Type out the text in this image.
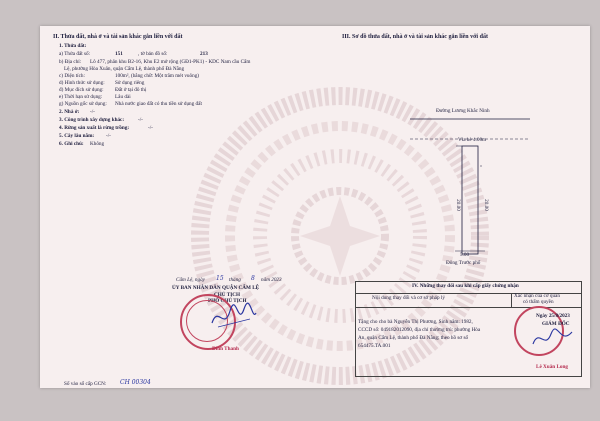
II. Thửa đất, nhà ở và tài sản khác gắn liền với đất
1. Thửa đất:
a) Thửa đất số:	151	, tờ bản đồ số:	213
b) Địa chỉ: Lô 477, phân khu B2-16, Khu E2 mở rộng (GĐ1-PK1) - KDC Nam cầu Cẩm
Lệ, phường Hòa Xuân, quận Cẩm Lệ, thành phố Đà Nẵng
c) Diện tích:	100m², (bằng chữ: Một trăm mét vuông)
d) Hình thức sử dụng: Sử dụng riêng
đ) Mục đích sử dụng: Đất ở tại đô thị
e) Thời hạn sử dụng: Lâu dài
g) Nguồn gốc sử dụng: Nhà nước giao đất có thu tiền sử dụng đất
2. Nhà ở: -/-
3. Công trình xây dựng khác:	-/-
4. Rừng sản xuất là rừng trồng:	-/-
5. Cây lâu năm: -/-
6. Ghi chú: Không
Cẩm Lệ, ngày 15 tháng 8 năm 2023
ỦY BAN NHÂN DÂN QUẬN CẨM LỆ
CHỦ TỊCH
PHÓ CHỦ TỊCH
Đinh Thanh
Số vào sổ cấp GCN: CH 00304
III. Sơ đồ thửa đất, nhà ở và tài sản khác gắn liền với đất
Đường Lương Khắc Ninh
Vỉa hè 4.00m
20.00	20.00
5.00
Đông Trước phố
IV. Những thay đổi sau khi cấp giấy chứng nhận
Nội dung thay đổi và cơ sở pháp lý	Xác nhận của cơ quan
có thẩm quyền
Tặng cho cho bà Nguyễn Thị Phương, Sinh năm: 1982,
CCCD số: 049182012090, địa chỉ thường trú: phường Hòa
An, quận Cẩm Lệ, thành phố Đà Nẵng; theo hồ sơ số
654475.TA.001
Ngày 25/8/2023
GIÁM ĐỐC
Lê Xuân Long
